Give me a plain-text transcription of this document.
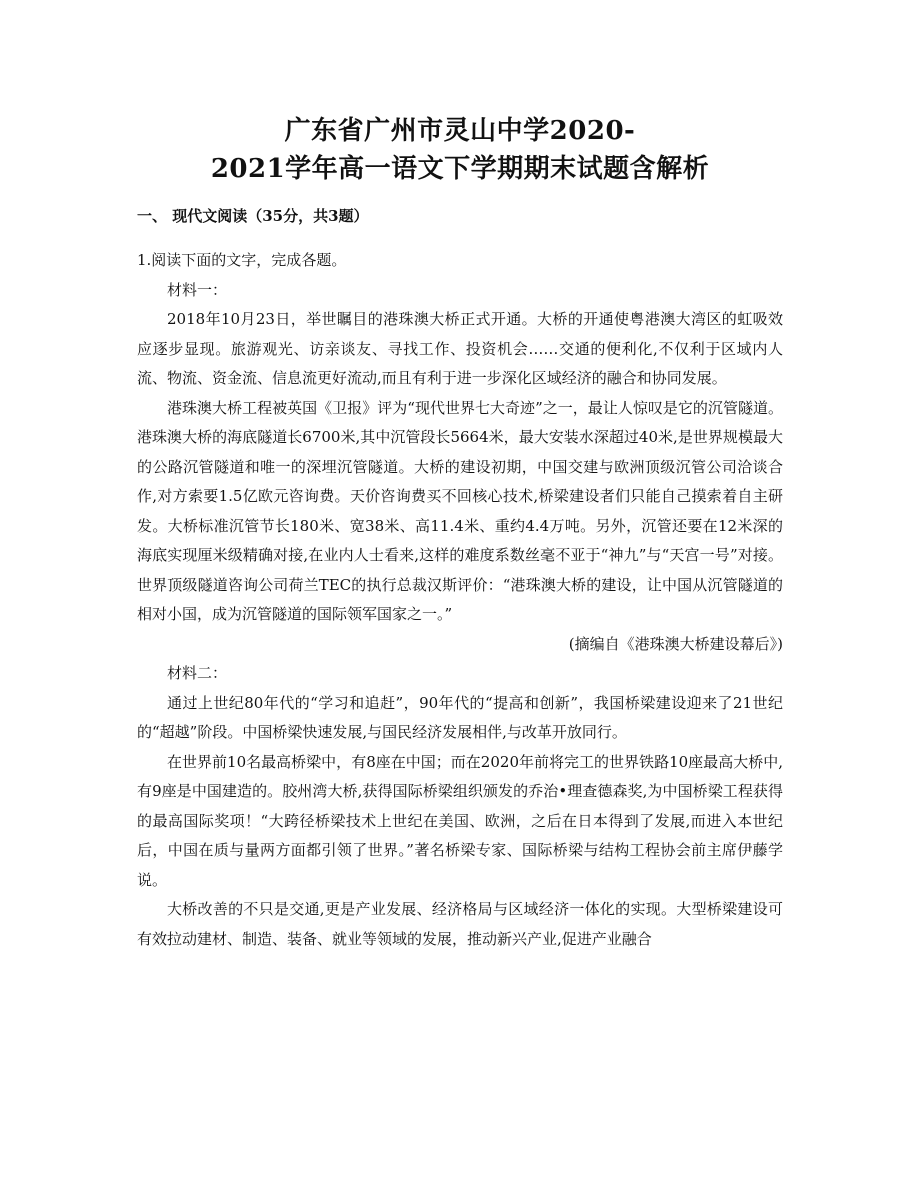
广东省广州市灵山中学2020-
2021学年高一语文下学期期末试题含解析
一、 现代文阅读（35分，共3题）

1.阅读下面的文字，完成各题。

材料一：

2018年10月23日，举世瞩目的港珠澳大桥正式开通。大桥的开通使粤港澳大湾区的虹吸效应逐步显现。旅游观光、访亲谈友、寻找工作、投资机会……交通的便利化,不仅利于区域内人流、物流、资金流、信息流更好流动,而且有利于进一步深化区域经济的融合和协同发展。

港珠澳大桥工程被英国《卫报》评为“现代世界七大奇迹”之一，最让人惊叹是它的沉管隧道。港珠澳大桥的海底隧道长6700米,其中沉管段长5664米，最大安装水深超过40米,是世界规模最大的公路沉管隧道和唯一的深埋沉管隧道。大桥的建设初期，中国交建与欧洲顶级沉管公司洽谈合作,对方索要1.5亿欧元咨询费。天价咨询费买不回核心技术,桥梁建设者们只能自己摸索着自主研发。大桥标准沉管节长180米、宽38米、高11.4米、重约4.4万吨。另外，沉管还要在12米深的海底实现厘米级精确对接,在业内人士看来,这样的难度系数丝毫不亚于“神九”与“天宫一号”对接。世界顶级隧道咨询公司荷兰TEC的执行总裁汉斯评价：“港珠澳大桥的建设，让中国从沉管隧道的相对小国，成为沉管隧道的国际领军国家之一。”

(摘编自《港珠澳大桥建设幕后》)

材料二：

通过上世纪80年代的“学习和追赶”，90年代的“提高和创新”，我国桥梁建设迎来了21世纪的“超越”阶段。中国桥梁快速发展,与国民经济发展相伴,与改革开放同行。

在世界前10名最高桥梁中，有8座在中国；而在2020年前将完工的世界铁路10座最高大桥中,有9座是中国建造的。胶州湾大桥,获得国际桥梁组织颁发的乔治•理查德森奖,为中国桥梁工程获得的最高国际奖项！“大跨径桥梁技术上世纪在美国、欧洲，之后在日本得到了发展,而进入本世纪后，中国在质与量两方面都引领了世界。”著名桥梁专家、国际桥梁与结构工程协会前主席伊藤学说。

大桥改善的不只是交通,更是产业发展、经济格局与区域经济一体化的实现。大型桥梁建设可有效拉动建材、制造、装备、就业等领域的发展，推动新兴产业,促进产业融合
